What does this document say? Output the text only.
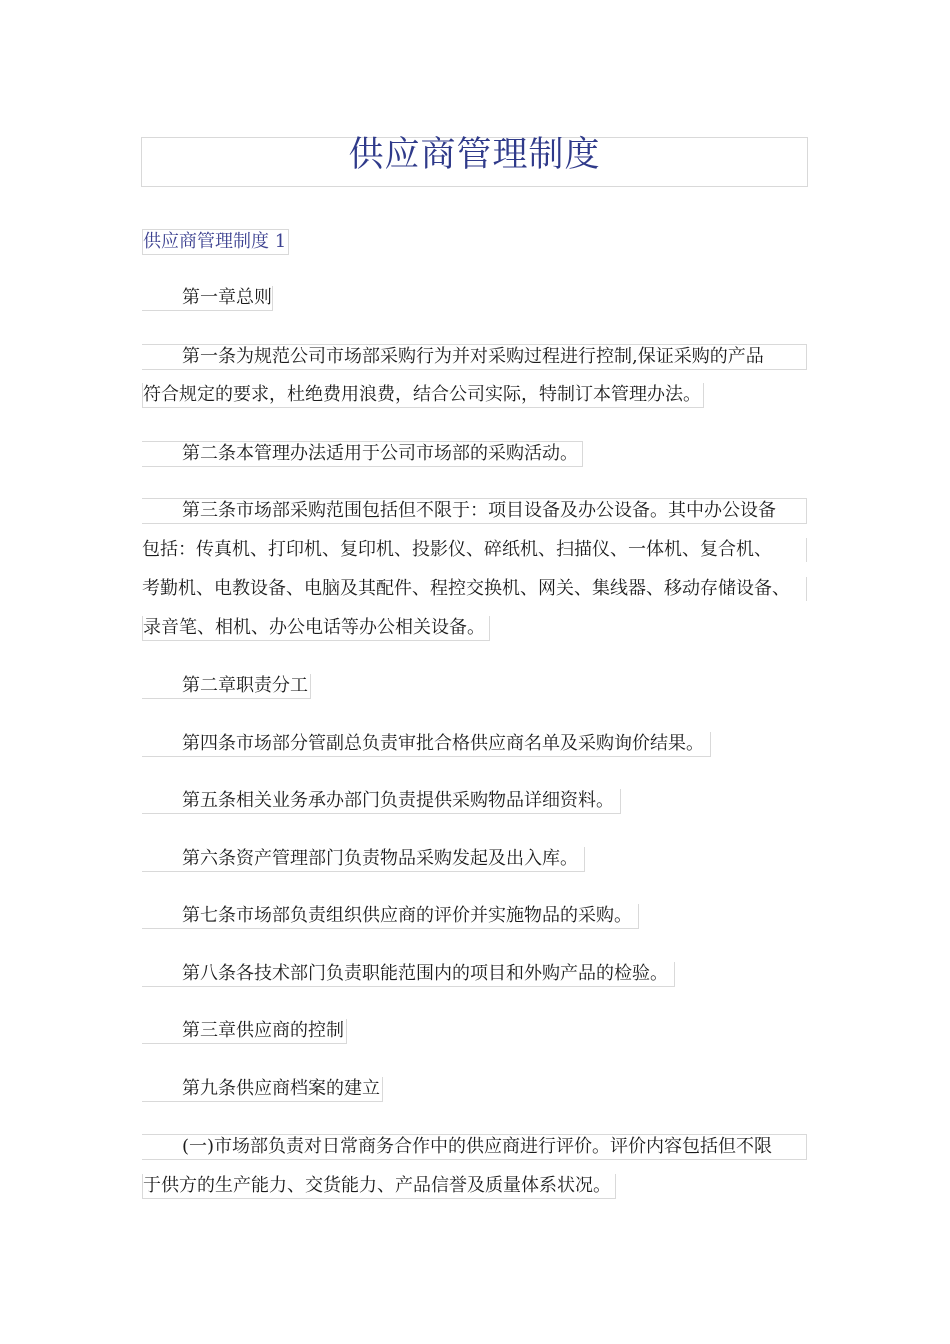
供应商管理制度
供应商管理制度 1
第一章总则
第一条为规范公司市场部采购行为并对采购过程进行控制,保证采购的产品
符合规定的要求，杜绝费用浪费，结合公司实际，特制订本管理办法。
第二条本管理办法适用于公司市场部的采购活动。
第三条市场部采购范围包括但不限于：项目设备及办公设备。其中办公设备
包括：传真机、打印机、复印机、投影仪、碎纸机、扫描仪、一体机、复合机、
考勤机、电教设备、电脑及其配件、程控交换机、网关、集线器、移动存储设备、
录音笔、相机、办公电话等办公相关设备。
第二章职责分工
第四条市场部分管副总负责审批合格供应商名单及采购询价结果。
第五条相关业务承办部门负责提供采购物品详细资料。
第六条资产管理部门负责物品采购发起及出入库。
第七条市场部负责组织供应商的评价并实施物品的采购。
第八条各技术部门负责职能范围内的项目和外购产品的检验。
第三章供应商的控制
第九条供应商档案的建立
(一)市场部负责对日常商务合作中的供应商进行评价。评价内容包括但不限
于供方的生产能力、交货能力、产品信誉及质量体系状况。
